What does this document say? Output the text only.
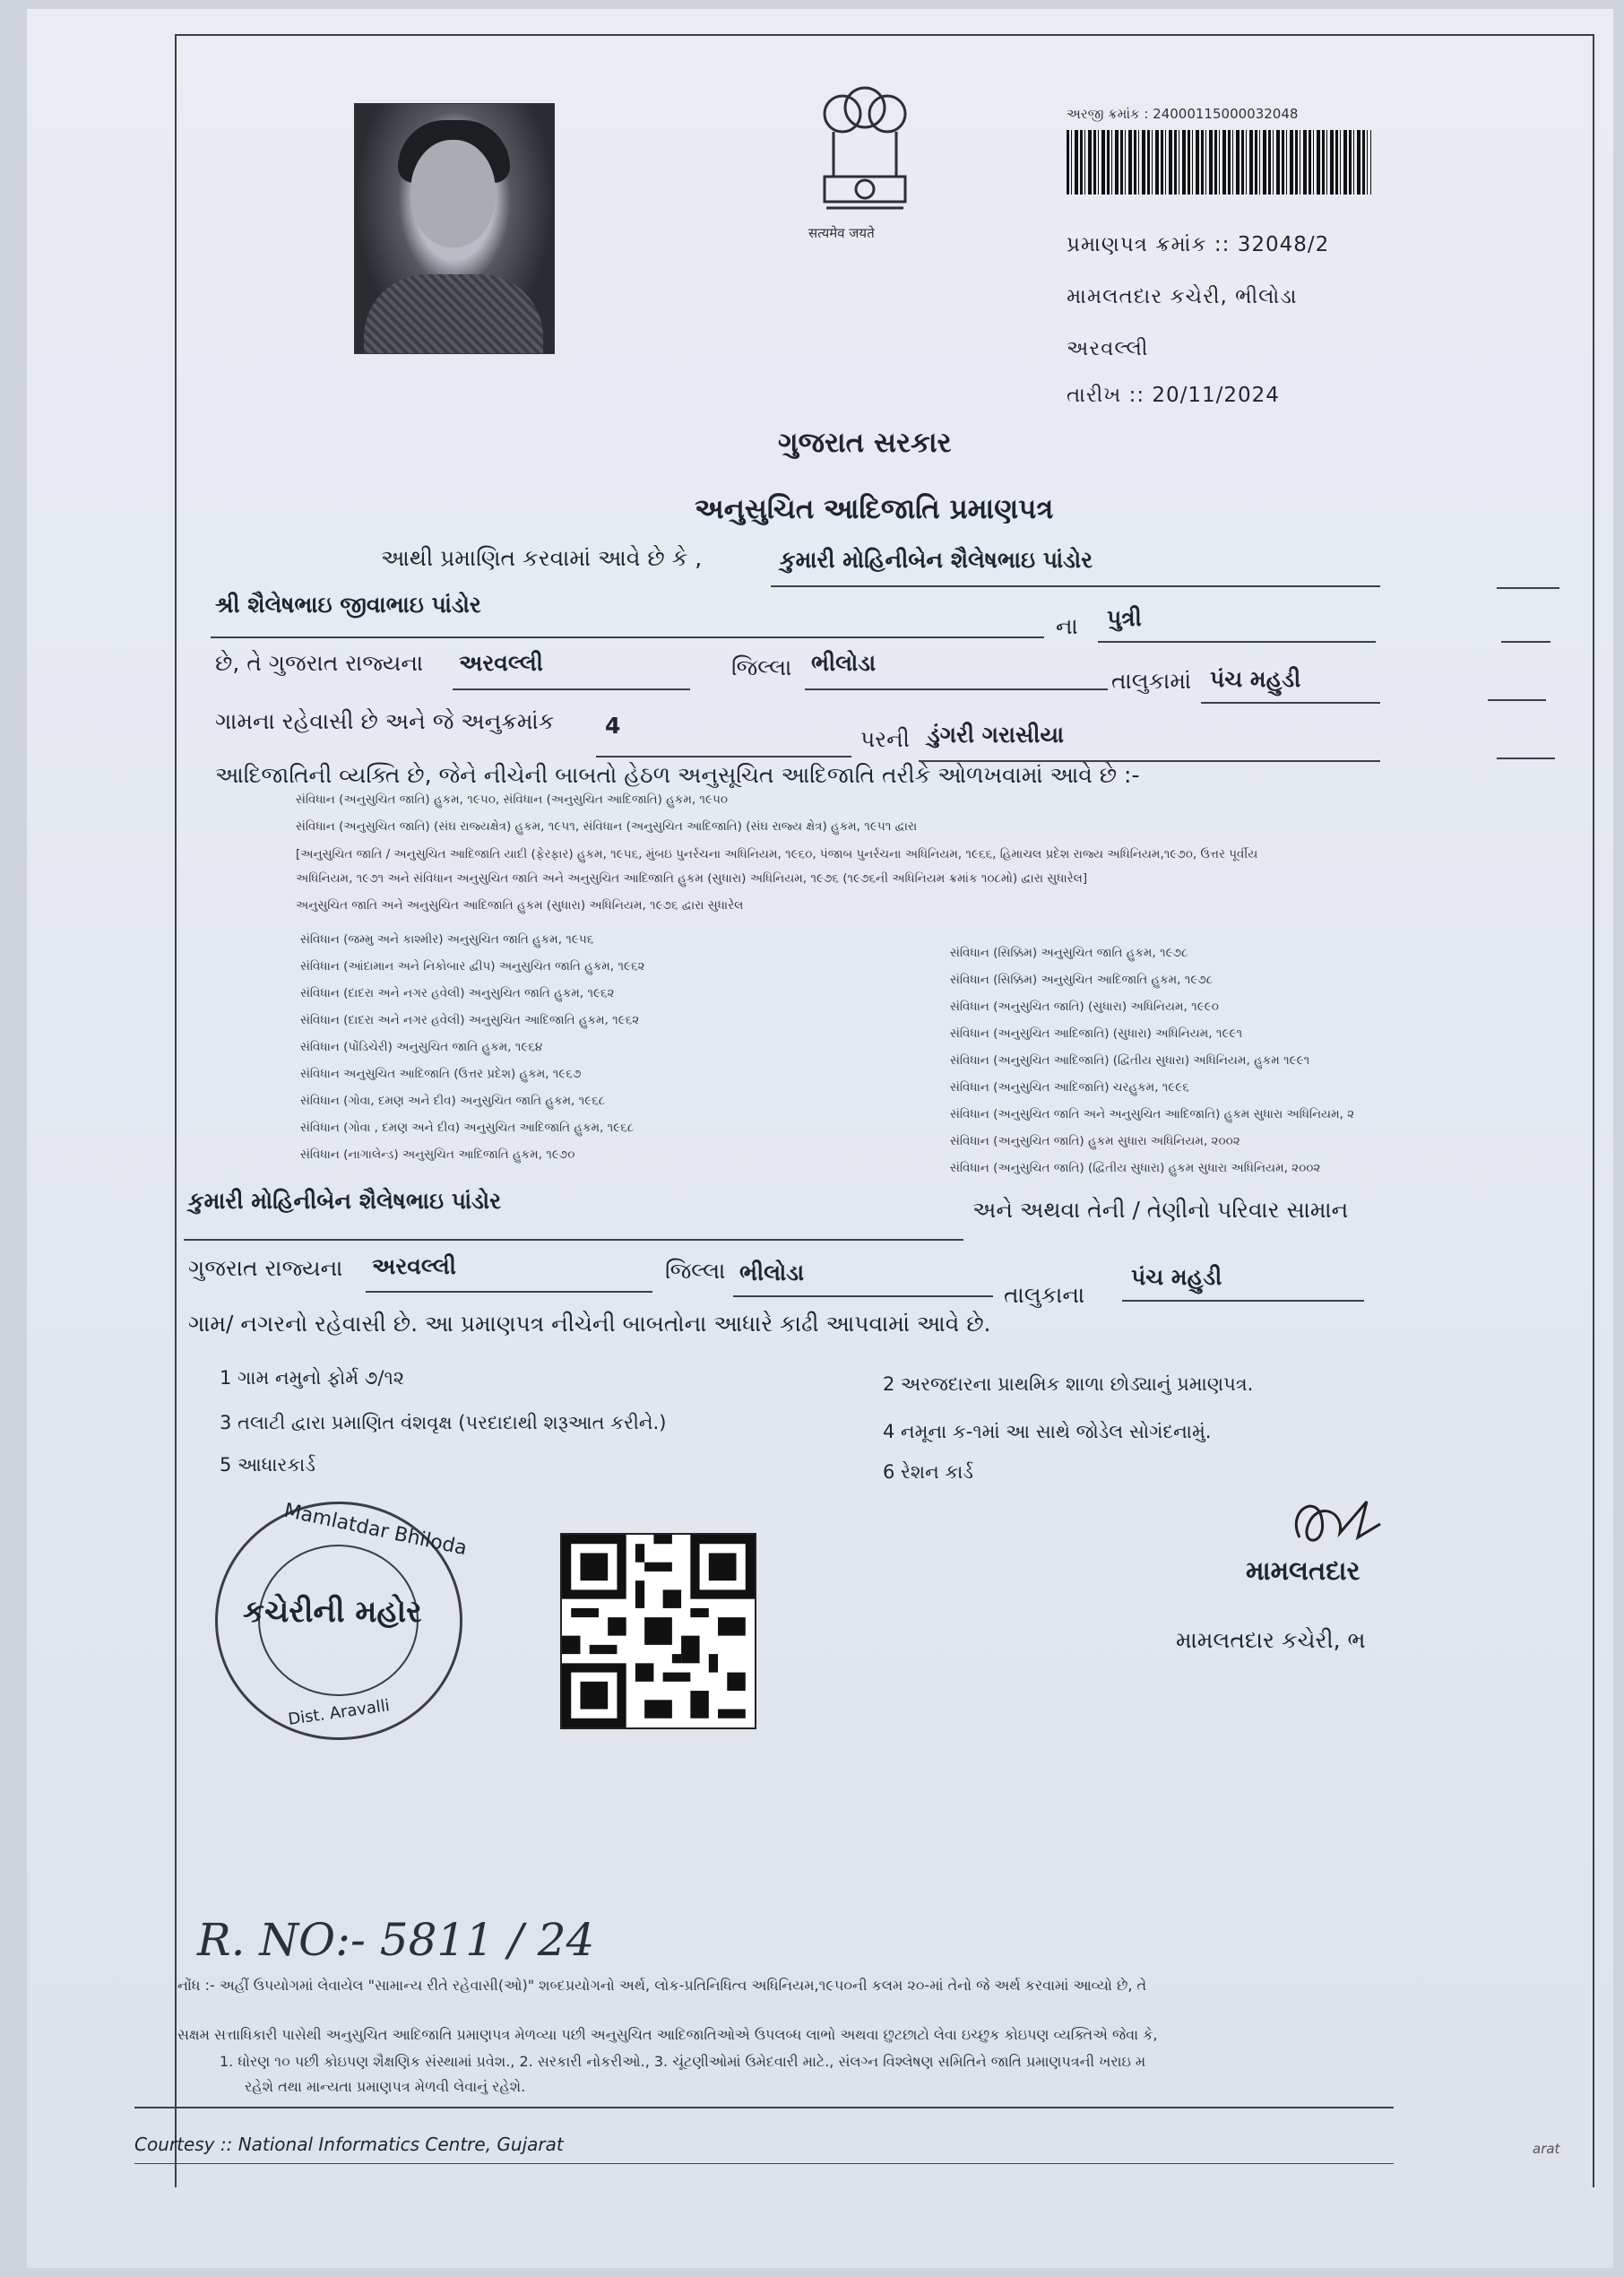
सत्यमेव जयते
અરજી ક્રમાંક : 24000115000032048
પ્રમાણપત્ર ક્રમાંક :: 32048/2
મામલતદાર કચેરી, ભીલોડા
અરવલ્લી
તારીખ :: 20/11/2024
ગુજરાત સરકાર
અનુસુચિત આદિજાતિ પ્રમાણપત્ર
આથી પ્રમાણિત કરવામાં આવે છે કે ,	કુમારી મોહિનીબેન શૈલેષભાઇ પાંડોર
શ્રી શૈલેષભાઇ જીવાભાઇ પાંડોર
ના પુત્રી
છે, તે ગુજરાત રાજ્યના અરવલ્લી	જિલ્લા ભીલોડા
તાલુકામાં પંચ મહુડી
ગામના રહેવાસી છે અને જે અનુક્રમાંક 4
પરની ડુંગરી ગરાસીયા
આદિજાતિની વ્યક્તિ છે, જેને નીચેની બાબતો હેઠળ અનુસૂચિત આદિજાતિ તરીકે ઓળખવામાં આવે છે :-
સંવિધાન (અનુસુચિત જાતિ) હુકમ, ૧૯૫૦, સંવિધાન (અનુસુચિત આદિજાતિ) હુકમ, ૧૯૫૦
સંવિધાન (અનુસુચિત જાતિ) (સંઘ રાજ્યક્ષેત્ર) હુકમ, ૧૯૫૧, સંવિધાન (અનુસુચિત આદિજાતિ) (સંઘ રાજ્ય ક્ષેત્ર) હુકમ, ૧૯૫૧ દ્વારા
[અનુસુચિત જાતિ / અનુસુચિત આદિજાતિ યાદી (ફેરફાર) હુકમ, ૧૯૫૬, મુંબઇ પુનર્રચના અધિનિયમ, ૧૯૬૦, પંજાબ પુનર્રચના અધિનિયમ, ૧૯૬૬, હિમાચલ પ્રદેશ રાજ્ય અધિનિયમ,૧૯૭૦, ઉત્તર પૂર્વીય
અધિનિયમ, ૧૯૭૧ અને સંવિધાન અનુસુચિત જાતિ અને અનુસુચિત આદિજાતિ હુકમ (સુધારા) અધિનિયમ, ૧૯૭૬ (૧૯૭૬ની અધિનિયમ ક્રમાંક ૧૦૮મો) દ્વારા સુધારેલ]
અનુસુચિત જાતિ અને અનુસુચિત આદિજાતિ હુકમ (સુધારા) અધિનિયમ, ૧૯૭૬ દ્વારા સુધારેલ
સંવિધાન (જમ્મુ અને કાશ્મીર) અનુસુચિત જાતિ હુકમ, ૧૯૫૬
સંવિધાન (આંદામાન અને નિકોબાર દ્વીપ) અનુસુચિત જાતિ હુકમ, ૧૯૬૨
સંવિધાન (દાદરા અને નગર હવેલી) અનુસુચિત જાતિ હુકમ, ૧૯૬૨
સંવિધાન (દાદરા અને નગર હવેલી) અનુસુચિત આદિજાતિ હુકમ, ૧૯૬૨
સંવિધાન (પોંડિચેરી) અનુસુચિત જાતિ હુકમ, ૧૯૬૪
સંવિધાન અનુસુચિત આદિજાતિ (ઉત્તર પ્રદેશ) હુકમ, ૧૯૬૭
સંવિધાન (ગોવા, દમણ અને દીવ) અનુસુચિત જાતિ હુકમ, ૧૯૬૮
સંવિધાન (ગોવા , દમણ અને દીવ) અનુસુચિત આદિજાતિ હુકમ, ૧૯૬૮
સંવિધાન (નાગાલેન્ડ) અનુસુચિત આદિજાતિ હુકમ, ૧૯૭૦
સંવિધાન (સિક્કિમ) અનુસુચિત જાતિ હુકમ, ૧૯૭૮
સંવિધાન (સિક્કિમ) અનુસુચિત આદિજાતિ હુકમ, ૧૯૭૮
સંવિધાન (અનુસુચિત જાતિ) (સુધારા) અધિનિયમ, ૧૯૯૦
સંવિધાન (અનુસુચિત આદિજાતિ) (સુધારા) અધિનિયમ, ૧૯૯૧
સંવિધાન (અનુસુચિત આદિજાતિ) (દ્વિતીય સુધારા) અધિનિયમ, હુકમ ૧૯૯૧
સંવિધાન (અનુસુચિત આદિજાતિ) ચરહુકમ, ૧૯૯૬
સંવિધાન (અનુસુચિત જાતિ અને અનુસુચિત આદિજાતિ) હુકમ સુધારા અધિનિયમ, ૨
સંવિધાન (અનુસુચિત જાતિ) હુકમ સુધારા અધિનિયમ, ૨૦૦૨
સંવિધાન (અનુસુચિત જાતિ) (દ્વિતીય સુધારા) હુકમ સુધારા અધિનિયમ, ૨૦૦૨
કુમારી મોહિનીબેન શૈલેષભાઇ પાંડોર	અને અથવા તેની / તેણીનો પરિવાર સામાન
ગુજરાત રાજ્યના અરવલ્લી	જિલ્લા ભીલોડા
તાલુકાના
પંચ મહુડી
ગામ/ નગરનો રહેવાસી છે. આ પ્રમાણપત્ર નીચેની બાબતોના આધારે કાઢી આપવામાં આવે છે.
1 ગામ નમુનો ફોર્મ ૭/૧૨	2 અરજદારના પ્રાથમિક શાળા છોડ્યાનું પ્રમાણપત્ર.
3 તલાટી દ્વારા પ્રમાણિત વંશવૃક્ષ (પરદાદાથી શરૂઆત કરીને.)	4 નમૂના ક-૧માં આ સાથે જોડેલ સોગંદનામું.
5 આધારકાર્ડ	6 રેશન કાર્ડ
Mamlatdar Bhiloda
Dist. Aravalli
કચેરીની મહોર
મામલતદાર
મામલતદાર કચેરી, ભ
R. NO:- 5811 / 24
નોંધ :- અહીં ઉપયોગમાં લેવાયેલ "સામાન્ય રીતે રહેવાસી(ઓ)" શબ્દપ્રયોગનો અર્થ, લોક-પ્રતિનિધિત્વ અધિનિયમ,૧૯૫૦ની કલમ ૨૦-માં તેનો જે અર્થ કરવામાં આવ્યો છે, તે
સક્ષમ સત્તાધિકારી પાસેથી અનુસુચિત આદિજાતિ પ્રમાણપત્ર મેળવ્યા પછી અનુસુચિત આદિજાતિઓએ ઉપલબ્ધ લાભો અથવા છુટછાટો લેવા ઇચ્છુક કોઇપણ વ્યક્તિએ જેવા કે,
1. ધોરણ ૧૦ પછી કોઇપણ શૈક્ષણિક સંસ્થામાં પ્રવેશ., 2. સરકારી નોકરીઓ., 3. ચૂંટણીઓમાં ઉમેદવારી માટે., સંલગ્ન વિશ્લેષણ સમિતિને જાતિ પ્રમાણપત્રની ખરાઇ મ
રહેશે તથા માન્યતા પ્રમાણપત્ર મેળવી લેવાનું રહેશે.
Courtesy :: National Informatics Centre, Gujarat	arat
